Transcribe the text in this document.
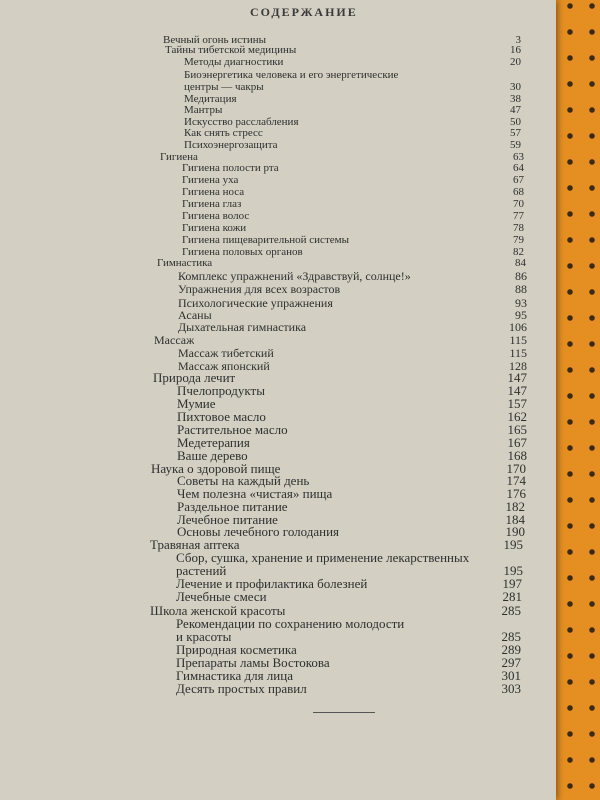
СОДЕРЖАНИЕ
Вечный огонь истины	3
Тайны тибетской медицины	16
Методы диагностики	20
Биоэнергетика человека и его энергетические
центры — чакры	30
Медитация	38
Мантры	47
Искусство расслабления	50
Как снять стресс	57
Психоэнергозащита	59
Гигиена	63
Гигиена полости рта	64
Гигиена уха	67
Гигиена носа	68
Гигиена глаз	70
Гигиена волос	77
Гигиена кожи	78
Гигиена пищеварительной системы	79
Гигиена половых органов	82
Гимнастика	84
Комплекс упражнений «Здравствуй, солнце!»	86
Упражнения для всех возрастов	88
Психологические упражнения	93
Асаны	95
Дыхательная гимнастика	106
Массаж	115
Массаж тибетский	115
Массаж японский	128
Природа лечит	147
Пчелопродукты	147
Мумие	157
Пихтовое масло	162
Растительное масло	165
Медетерапия	167
Ваше дерево	168
Наука о здоровой пище	170
Советы на каждый день	174
Чем полезна «чистая» пища	176
Раздельное питание	182
Лечебное питание	184
Основы лечебного голодания	190
Травяная аптека	195
Сбор, сушка, хранение и применение лекарственных
растений	195
Лечение и профилактика болезней	197
Лечебные смеси	281
Школа женской красоты	285
Рекомендации по сохранению молодости
и красоты	285
Природная косметика	289
Препараты ламы Востокова	297
Гимнастика для лица	301
Десять простых правил	303
